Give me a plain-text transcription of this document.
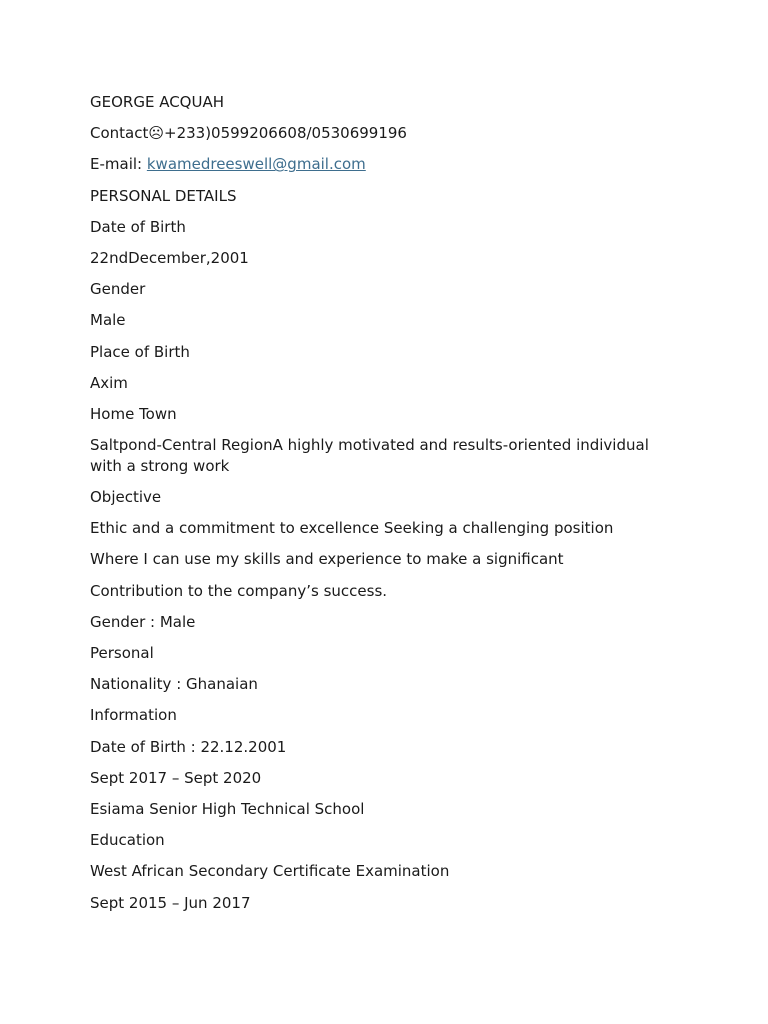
GEORGE ACQUAH

Contact☹+233)0599206608/0530699196

E-mail: kwamedreeswell@gmail.com

PERSONAL DETAILS

Date of Birth

22ndDecember,2001

Gender

Male

Place of Birth

Axim

Home Town

Saltpond-Central RegionA highly motivated and results-oriented individual with a strong work

Objective

Ethic and a commitment to excellence Seeking a challenging position

Where I can use my skills and experience to make a significant

Contribution to the company’s success.

Gender : Male

Personal

Nationality : Ghanaian

Information

Date of Birth : 22.12.2001

Sept 2017 – Sept 2020

Esiama Senior High Technical School

Education

West African Secondary Certificate Examination

Sept 2015 – Jun 2017
